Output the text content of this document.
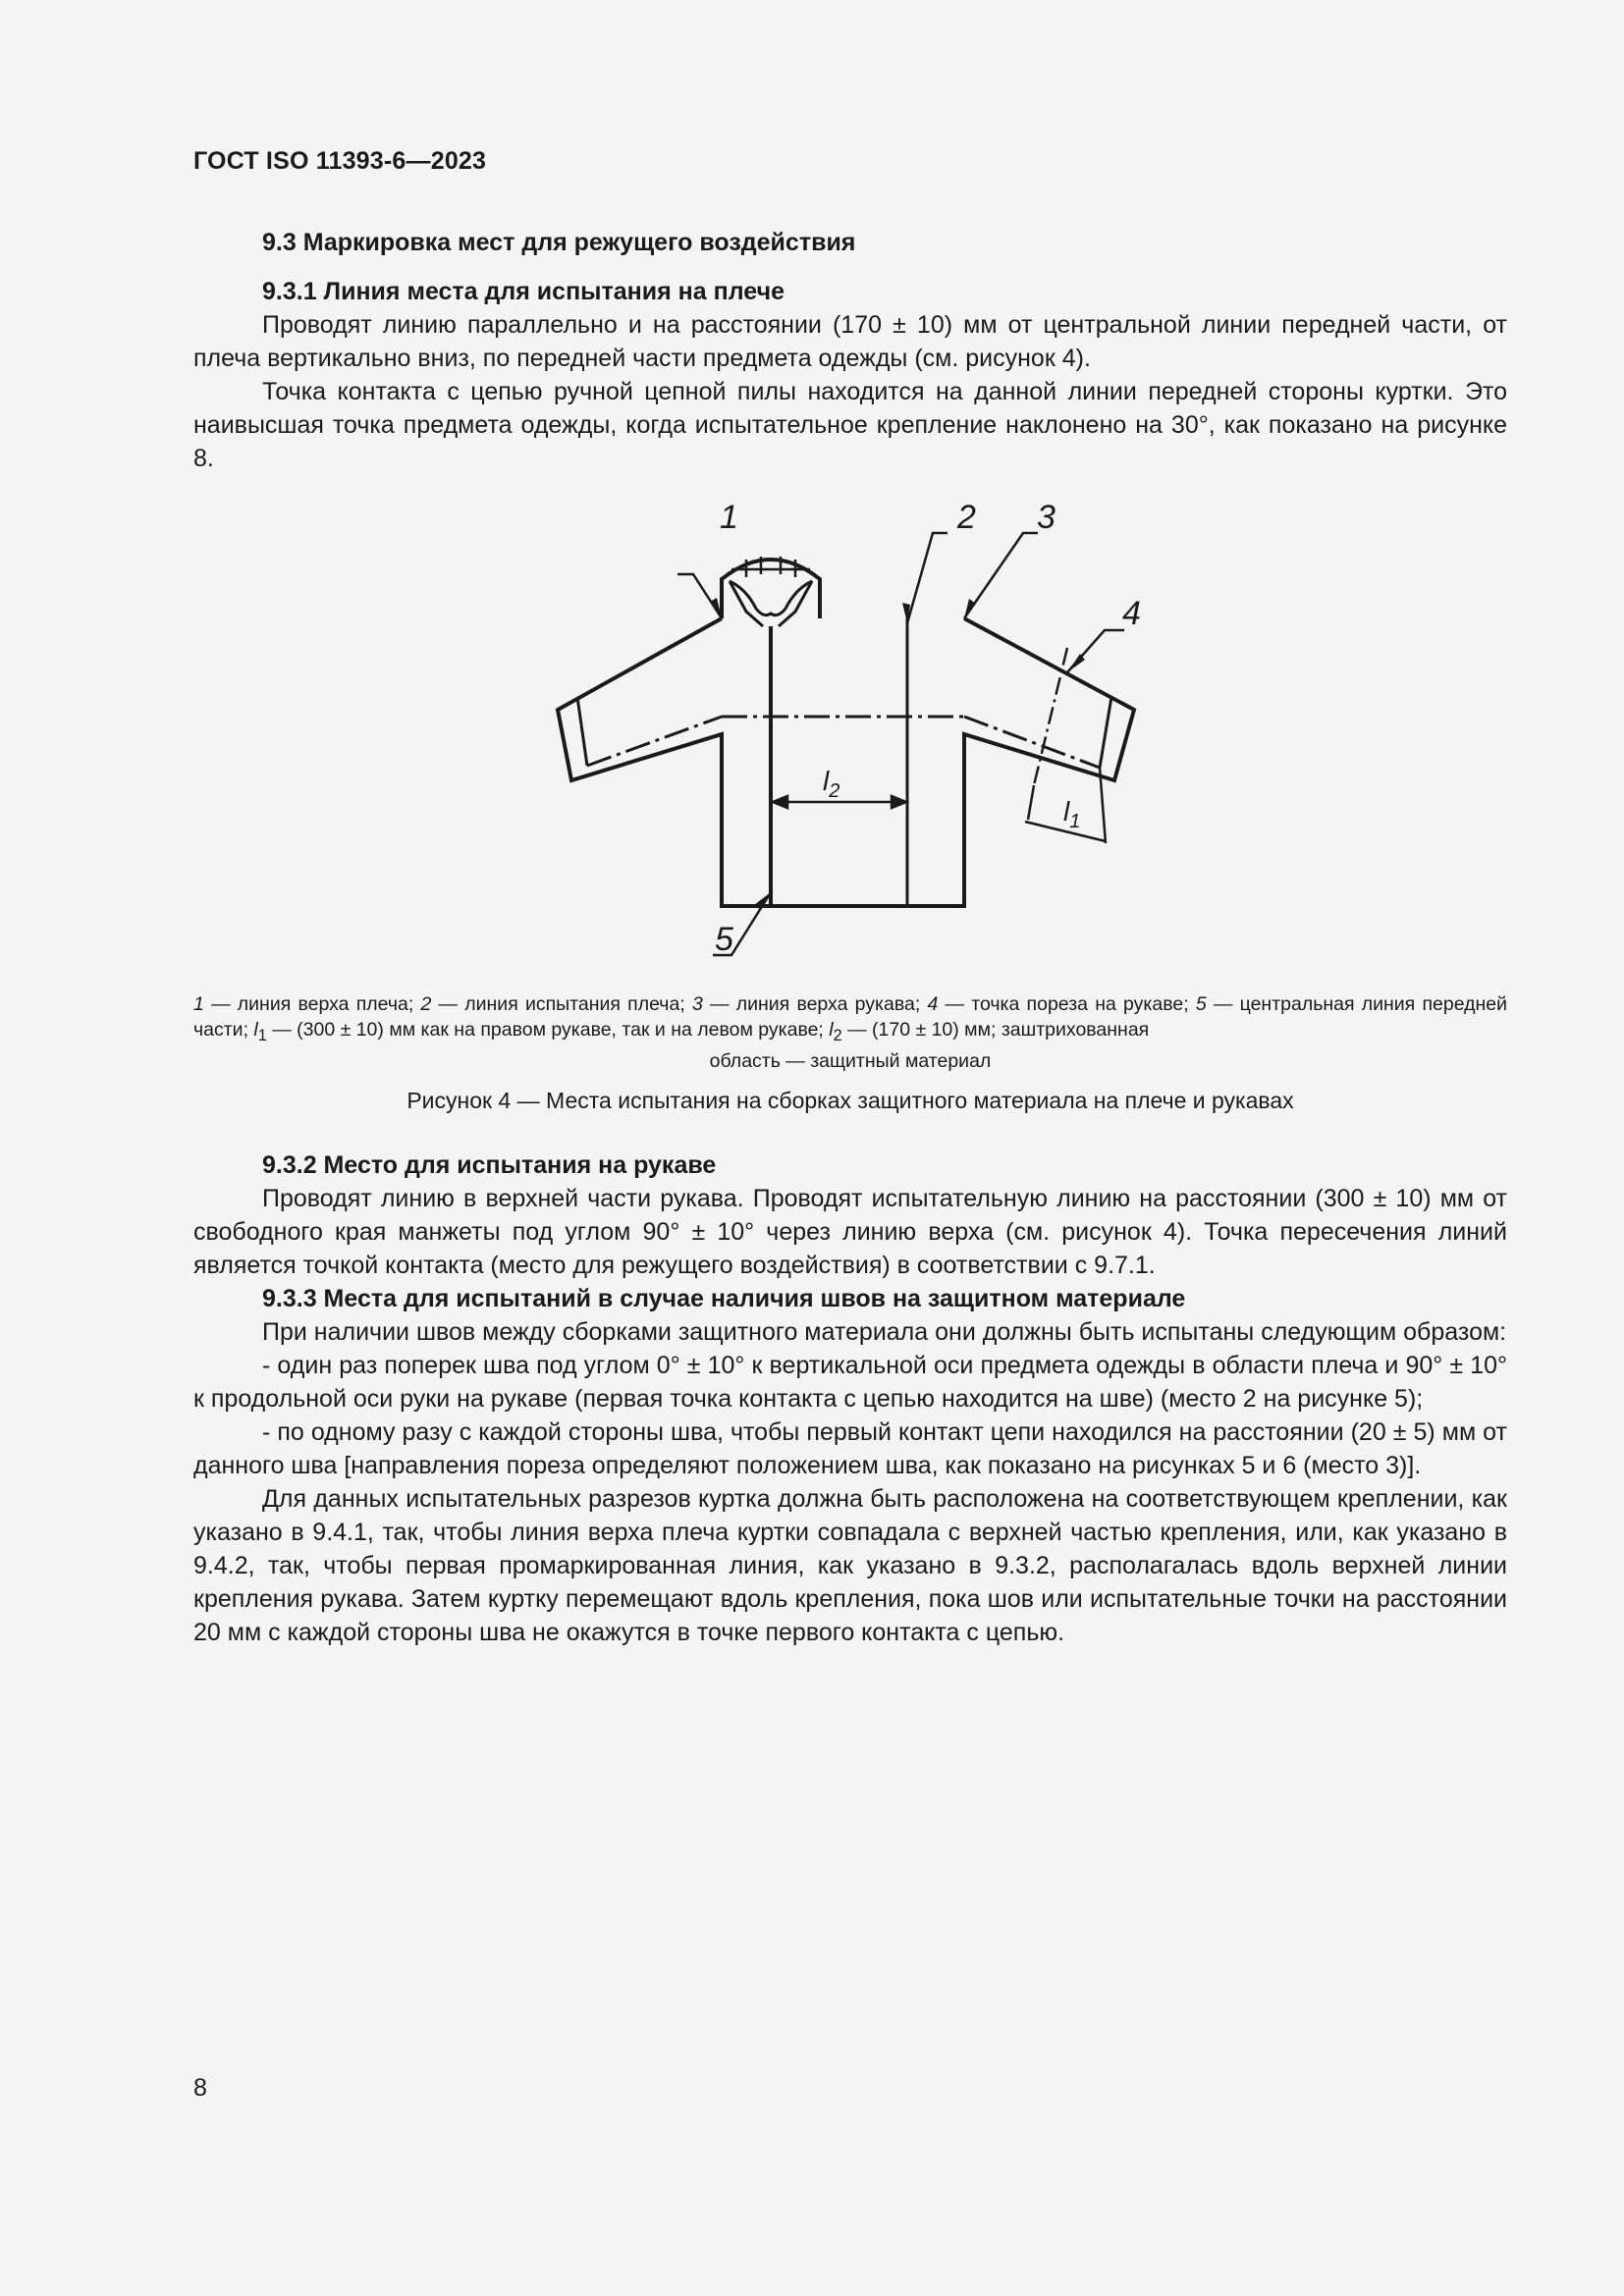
ГОСТ ISO 11393-6—2023
9.3 Маркировка мест для режущего воздействия
9.3.1 Линия места для испытания на плече

Проводят линию параллельно и на расстоянии (170 ± 10) мм от центральной линии передней части, от плеча вертикально вниз, по передней части предмета одежды (см. рисунок 4).

Точка контакта с цепью ручной цепной пилы находится на данной линии передней стороны куртки. Это наивысшая точка предмета одежды, когда испытательное крепление наклонено на 30°, как показано на рисунке 8.

1	2 3
4
5
$l_2$
$l_1$
1 — линия верха плеча; 2 — линия испытания плеча; 3 — линия верха рукава; 4 — точка пореза на рукаве; 5 — центральная линия передней части; $l_1$ — (300 ± 10) мм как на правом рукаве, так и на левом рукаве; $l_2$ — (170 ± 10) мм; заштрихованная
область — защитный материал
Рисунок 4 — Места испытания на сборках защитного материала на плече и рукавах
9.3.2 Место для испытания на рукаве

Проводят линию в верхней части рукава. Проводят испытательную линию на расстоянии (300 ± 10) мм от свободного края манжеты под углом 90° ± 10° через линию верха (см. рисунок 4). Точка пересечения линий является точкой контакта (место для режущего воздействия) в соответствии с 9.7.1.

9.3.3 Места для испытаний в случае наличия швов на защитном материале

При наличии швов между сборками защитного материала они должны быть испытаны следующим образом:

- один раз поперек шва под углом 0° ± 10° к вертикальной оси предмета одежды в области плеча и 90° ± 10° к продольной оси руки на рукаве (первая точка контакта с цепью находится на шве) (место 2 на рисунке 5);

- по одному разу с каждой стороны шва, чтобы первый контакт цепи находился на расстоянии (20 ± 5) мм от данного шва [направления пореза определяют положением шва, как показано на рисунках 5 и 6 (место 3)].

Для данных испытательных разрезов куртка должна быть расположена на соответствующем креплении, как указано в 9.4.1, так, чтобы линия верха плеча куртки совпадала с верхней частью крепления, или, как указано в 9.4.2, так, чтобы первая промаркированная линия, как указано в 9.3.2, располагалась вдоль верхней линии крепления рукава. Затем куртку перемещают вдоль крепления, пока шов или испытательные точки на расстоянии 20 мм с каждой стороны шва не окажутся в точке первого контакта с цепью.

8
